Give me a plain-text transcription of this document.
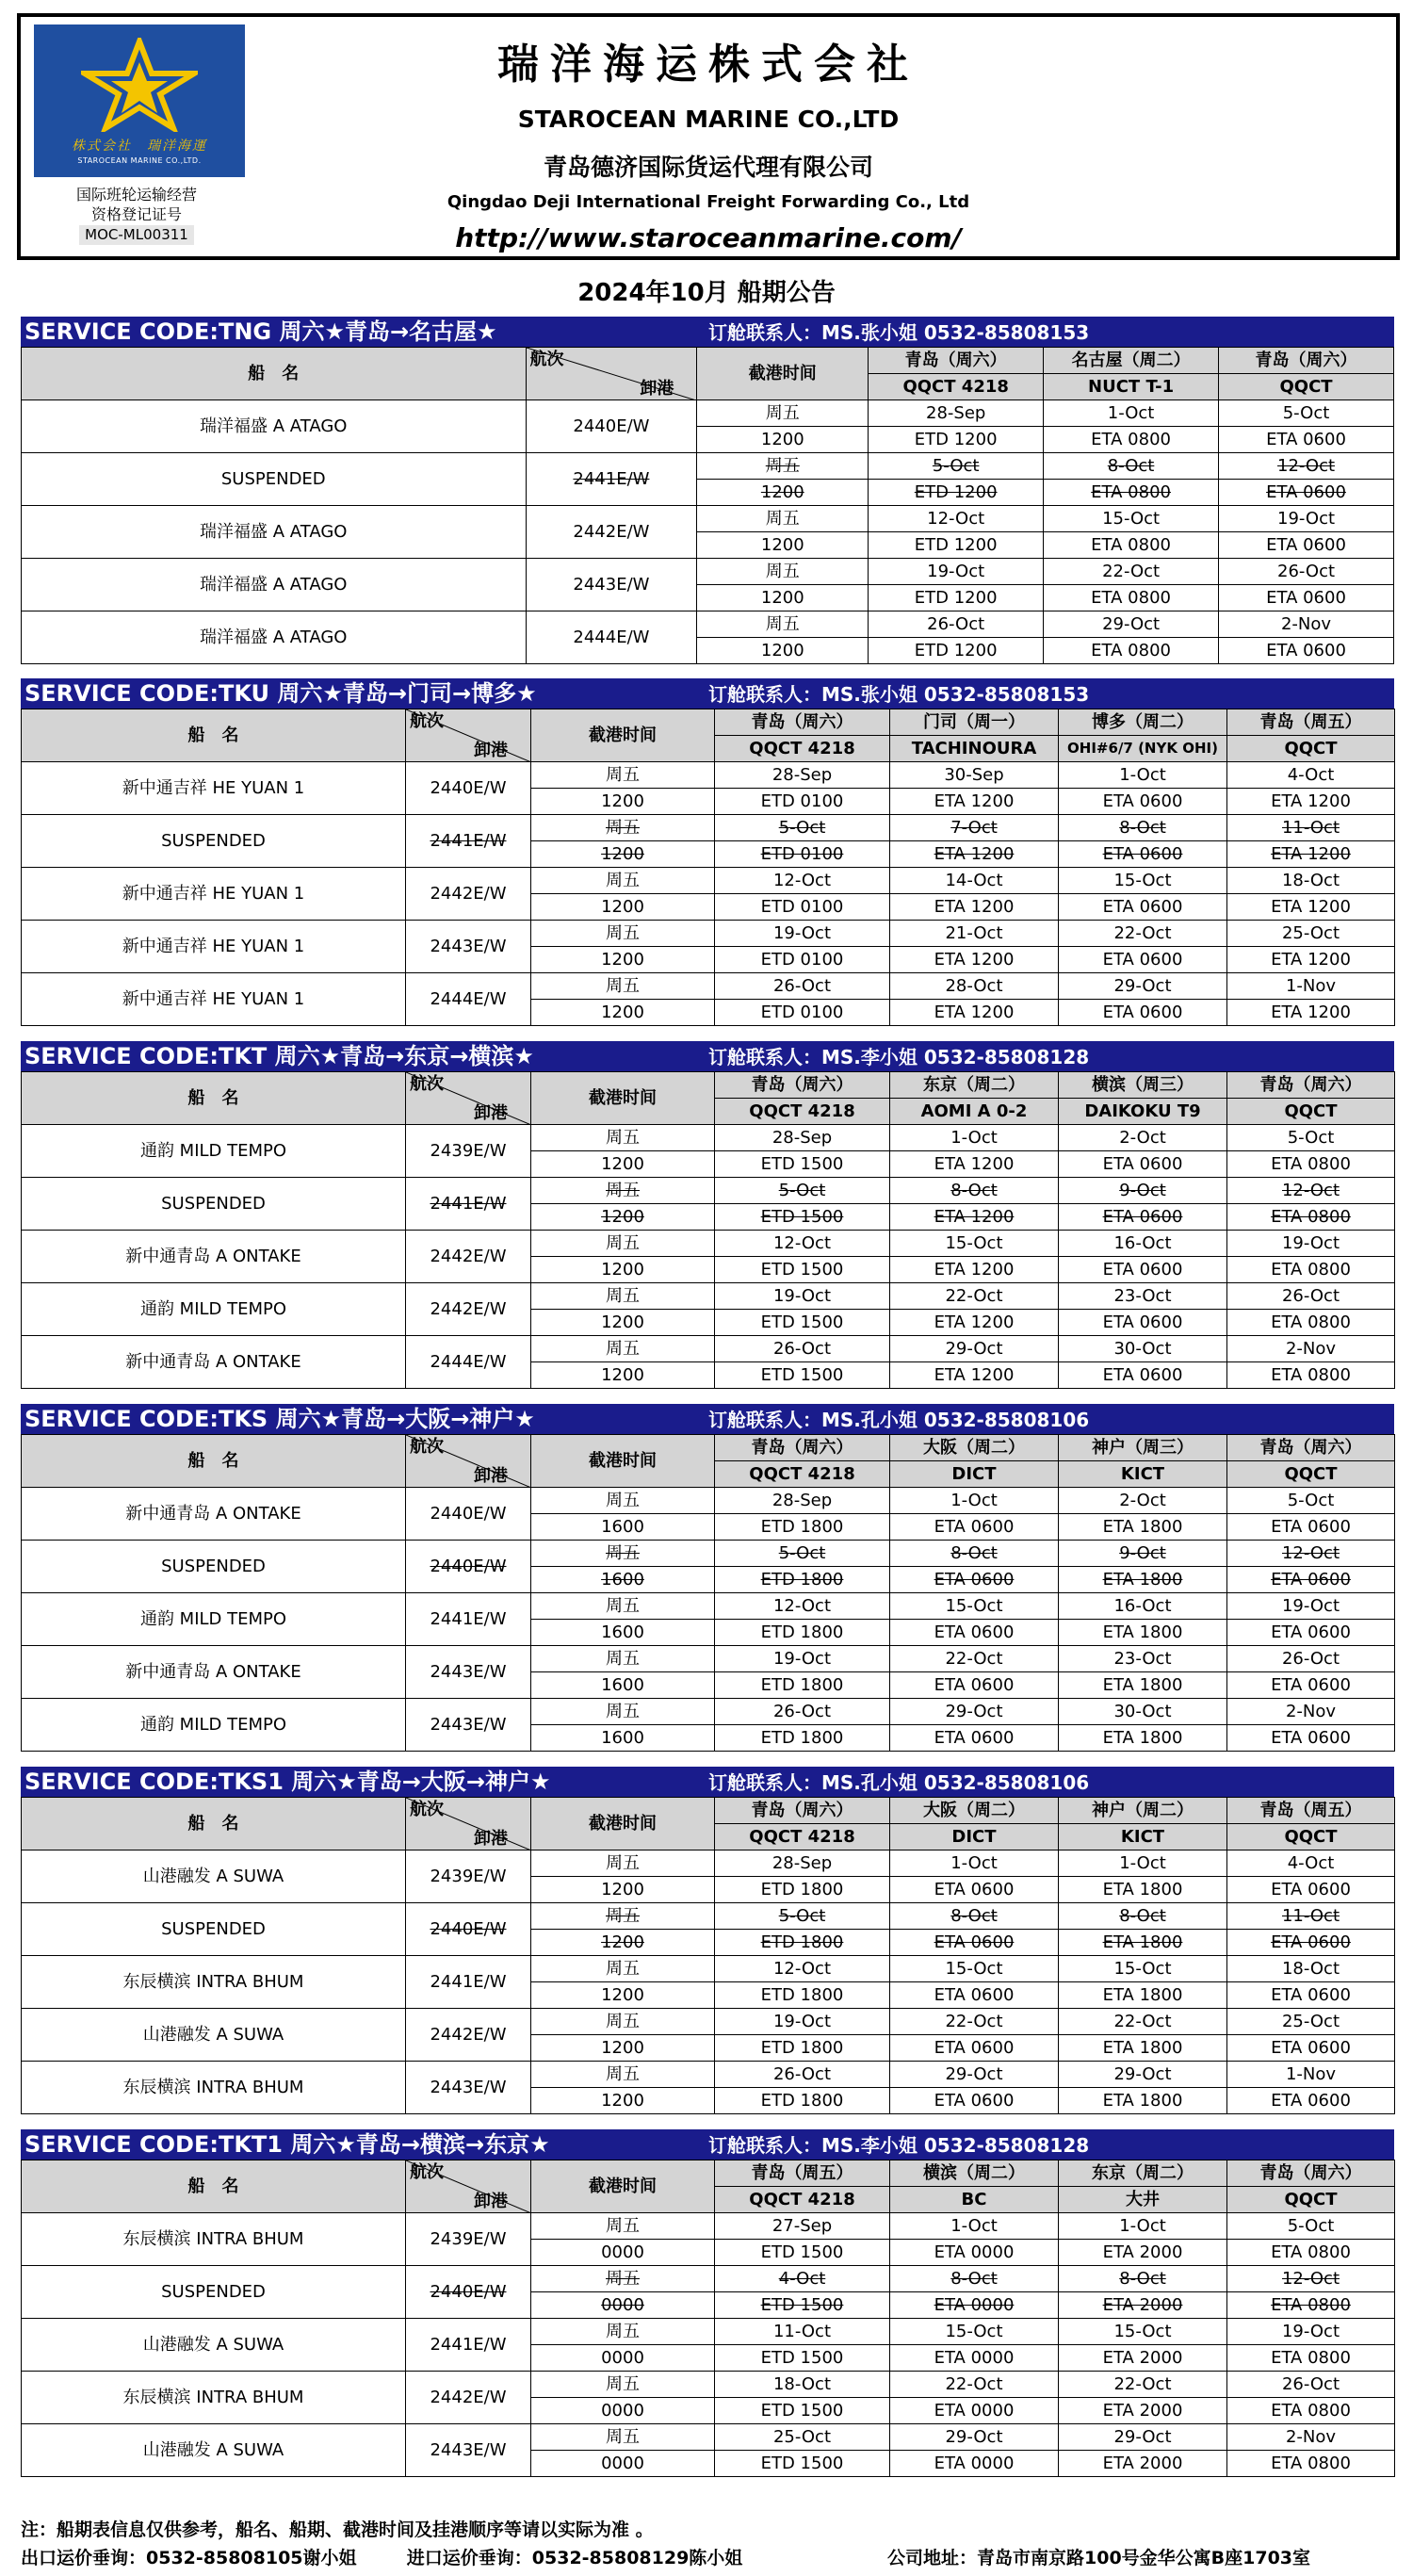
株式会社　瑞洋海運
STAROCEAN MARINE CO.,LTD.
国际班轮运输经营
资格登记证号
MOC-ML00311
瑞洋海运株式会社
STAROCEAN MARINE CO.,LTD
青岛德济国际货运代理有限公司
Qingdao Deji International Freight Forwarding Co., Ltd
http://www.staroceanmarine.com/
2024年10月 船期公告
SERVICE CODE:TNG 周六★青岛→名古屋★	订舱联系人：MS.张小姐 0532-85808153
船　名	航次
卸港	截港时间	青岛（周六）	名古屋（周二）	青岛（周六）
			QQCT 4218	NUCT T-1	QQCT
瑞洋福盛 A ATAGO	2440E/W	周五	28-Sep	1-Oct	5-Oct
		1200	ETD 1200	ETA 0800	ETA 0600
SUSPENDED	2441E/W	周五	5-Oct	8-Oct	12-Oct
		1200	ETD 1200	ETA 0800	ETA 0600
瑞洋福盛 A ATAGO	2442E/W	周五	12-Oct	15-Oct	19-Oct
		1200	ETD 1200	ETA 0800	ETA 0600
瑞洋福盛 A ATAGO	2443E/W	周五	19-Oct	22-Oct	26-Oct
		1200	ETD 1200	ETA 0800	ETA 0600
瑞洋福盛 A ATAGO	2444E/W	周五	26-Oct	29-Oct	2-Nov
		1200	ETD 1200	ETA 0800	ETA 0600
SERVICE CODE:TKU 周六★青岛→门司→博多★	订舱联系人：MS.张小姐 0532-85808153
船　名	航次
卸港	截港时间	青岛（周六）	门司（周一）	博多（周二）	青岛（周五）
			QQCT 4218	TACHINOURA	OHI#6/7 (NYK OHI)	QQCT
新中通吉祥 HE YUAN 1	2440E/W	周五	28-Sep	30-Sep	1-Oct	4-Oct
		1200	ETD 0100	ETA 1200	ETA 0600	ETA 1200
SUSPENDED	2441E/W	周五	5-Oct	7-Oct	8-Oct	11-Oct
		1200	ETD 0100	ETA 1200	ETA 0600	ETA 1200
新中通吉祥 HE YUAN 1	2442E/W	周五	12-Oct	14-Oct	15-Oct	18-Oct
		1200	ETD 0100	ETA 1200	ETA 0600	ETA 1200
新中通吉祥 HE YUAN 1	2443E/W	周五	19-Oct	21-Oct	22-Oct	25-Oct
		1200	ETD 0100	ETA 1200	ETA 0600	ETA 1200
新中通吉祥 HE YUAN 1	2444E/W	周五	26-Oct	28-Oct	29-Oct	1-Nov
		1200	ETD 0100	ETA 1200	ETA 0600	ETA 1200
SERVICE CODE:TKT 周六★青岛→东京→横滨★	订舱联系人：MS.李小姐 0532-85808128
船　名	航次
卸港	截港时间	青岛（周六）	东京（周二）	横滨（周三）	青岛（周六）
			QQCT 4218	AOMI A 0-2	DAIKOKU T9	QQCT
通韵 MILD TEMPO	2439E/W	周五	28-Sep	1-Oct	2-Oct	5-Oct
		1200	ETD 1500	ETA 1200	ETA 0600	ETA 0800
SUSPENDED	2441E/W	周五	5-Oct	8-Oct	9-Oct	12-Oct
		1200	ETD 1500	ETA 1200	ETA 0600	ETA 0800
新中通青岛 A ONTAKE	2442E/W	周五	12-Oct	15-Oct	16-Oct	19-Oct
		1200	ETD 1500	ETA 1200	ETA 0600	ETA 0800
通韵 MILD TEMPO	2442E/W	周五	19-Oct	22-Oct	23-Oct	26-Oct
		1200	ETD 1500	ETA 1200	ETA 0600	ETA 0800
新中通青岛 A ONTAKE	2444E/W	周五	26-Oct	29-Oct	30-Oct	2-Nov
		1200	ETD 1500	ETA 1200	ETA 0600	ETA 0800
SERVICE CODE:TKS 周六★青岛→大阪→神户★	订舱联系人：MS.孔小姐 0532-85808106
船　名	航次
卸港	截港时间	青岛（周六）	大阪（周二）	神户（周三）	青岛（周六）
			QQCT 4218	DICT	KICT	QQCT
新中通青岛 A ONTAKE	2440E/W	周五	28-Sep	1-Oct	2-Oct	5-Oct
		1600	ETD 1800	ETA 0600	ETA 1800	ETA 0600
SUSPENDED	2440E/W	周五	5-Oct	8-Oct	9-Oct	12-Oct
		1600	ETD 1800	ETA 0600	ETA 1800	ETA 0600
通韵 MILD TEMPO	2441E/W	周五	12-Oct	15-Oct	16-Oct	19-Oct
		1600	ETD 1800	ETA 0600	ETA 1800	ETA 0600
新中通青岛 A ONTAKE	2443E/W	周五	19-Oct	22-Oct	23-Oct	26-Oct
		1600	ETD 1800	ETA 0600	ETA 1800	ETA 0600
通韵 MILD TEMPO	2443E/W	周五	26-Oct	29-Oct	30-Oct	2-Nov
		1600	ETD 1800	ETA 0600	ETA 1800	ETA 0600
SERVICE CODE:TKS1 周六★青岛→大阪→神户★	订舱联系人：MS.孔小姐 0532-85808106
船　名	航次
卸港	截港时间	青岛（周六）	大阪（周二）	神户（周二）	青岛（周五）
			QQCT 4218	DICT	KICT	QQCT
山港融发 A SUWA	2439E/W	周五	28-Sep	1-Oct	1-Oct	4-Oct
		1200	ETD 1800	ETA 0600	ETA 1800	ETA 0600
SUSPENDED	2440E/W	周五	5-Oct	8-Oct	8-Oct	11-Oct
		1200	ETD 1800	ETA 0600	ETA 1800	ETA 0600
东辰横滨 INTRA BHUM	2441E/W	周五	12-Oct	15-Oct	15-Oct	18-Oct
		1200	ETD 1800	ETA 0600	ETA 1800	ETA 0600
山港融发 A SUWA	2442E/W	周五	19-Oct	22-Oct	22-Oct	25-Oct
		1200	ETD 1800	ETA 0600	ETA 1800	ETA 0600
东辰横滨 INTRA BHUM	2443E/W	周五	26-Oct	29-Oct	29-Oct	1-Nov
		1200	ETD 1800	ETA 0600	ETA 1800	ETA 0600
SERVICE CODE:TKT1 周六★青岛→横滨→东京★	订舱联系人：MS.李小姐 0532-85808128
船　名	航次
卸港	截港时间	青岛（周五）	横滨（周二）	东京（周二）	青岛（周六）
			QQCT 4218	BC	大井	QQCT
东辰横滨 INTRA BHUM	2439E/W	周五	27-Sep	1-Oct	1-Oct	5-Oct
		0000	ETD 1500	ETA 0000	ETA 2000	ETA 0800
SUSPENDED	2440E/W	周五	4-Oct	8-Oct	8-Oct	12-Oct
		0000	ETD 1500	ETA 0000	ETA 2000	ETA 0800
山港融发 A SUWA	2441E/W	周五	11-Oct	15-Oct	15-Oct	19-Oct
		0000	ETD 1500	ETA 0000	ETA 2000	ETA 0800
东辰横滨 INTRA BHUM	2442E/W	周五	18-Oct	22-Oct	22-Oct	26-Oct
		0000	ETD 1500	ETA 0000	ETA 2000	ETA 0800
山港融发 A SUWA	2443E/W	周五	25-Oct	29-Oct	29-Oct	2-Nov
		0000	ETD 1500	ETA 0000	ETA 2000	ETA 0800
注：船期表信息仅供参考，船名、船期、截港时间及挂港顺序等请以实际为准 。
出口运价垂询：0532-85808105谢小姐	进口运价垂询：0532-85808129陈小姐	公司地址：青岛市南京路100号金华公寓B座1703室
